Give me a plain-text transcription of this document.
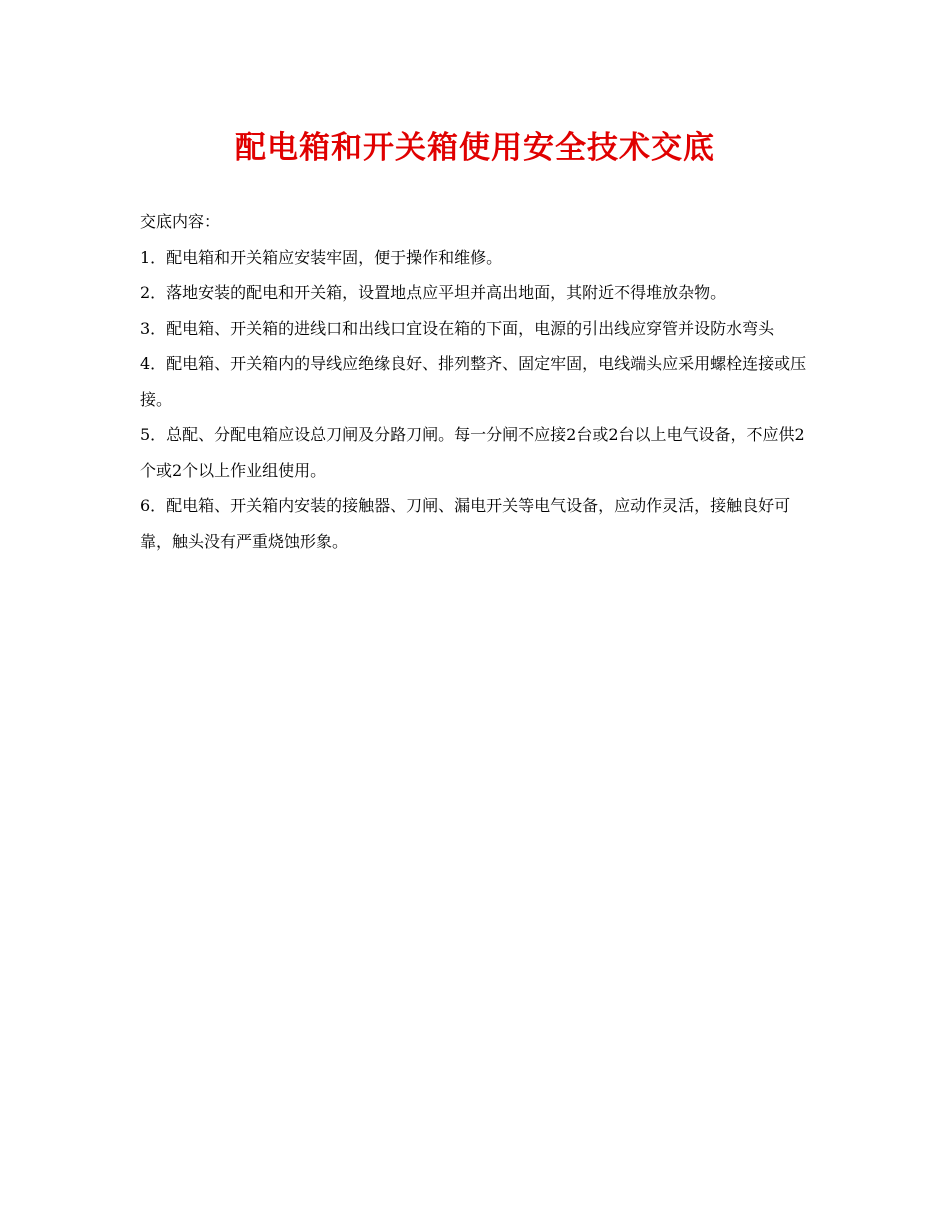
配电箱和开关箱使用安全技术交底

交底内容：

1．配电箱和开关箱应安装牢固，便于操作和维修。

2．落地安装的配电和开关箱，设置地点应平坦并高出地面，其附近不得堆放杂物。

3．配电箱、开关箱的进线口和出线口宜设在箱的下面，电源的引出线应穿管并设防水弯头

4．配电箱、开关箱内的导线应绝缘良好、排列整齐、固定牢固，电线端头应采用螺栓连接或压接。

5．总配、分配电箱应设总刀闸及分路刀闸。每一分闸不应接2台或2台以上电气设备，不应供2个或2个以上作业组使用。

6．配电箱、开关箱内安装的接触器、刀闸、漏电开关等电气设备，应动作灵活，接触良好可靠，触头没有严重烧蚀形象。
